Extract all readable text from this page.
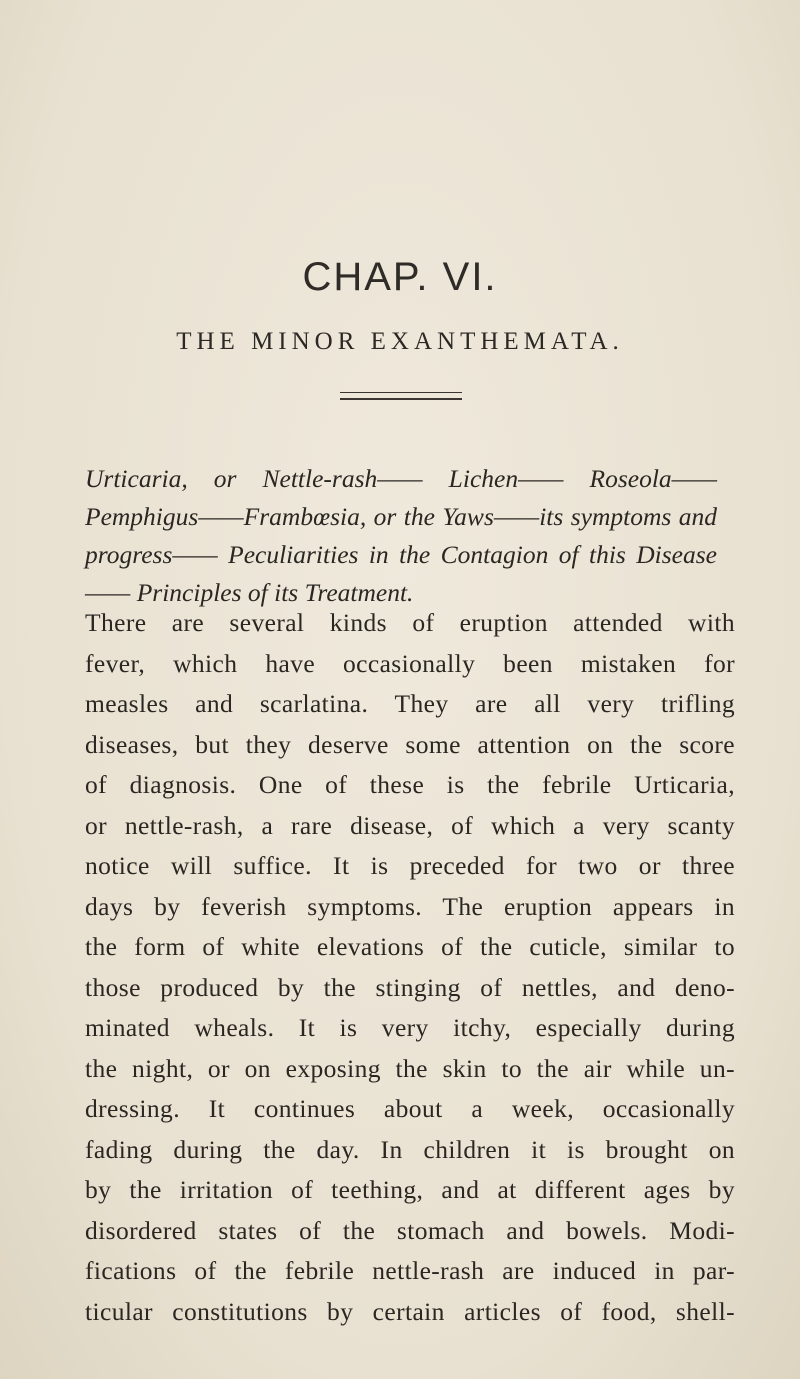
CHAP. VI.
THE MINOR EXANTHEMATA.
Urticaria, or Nettle-rash—— Lichen—— Roseola—— Pemphigus——Frambœsia, or the Yaws——its symptoms and progress—— Peculiarities in the Contagion of this Disease—— Principles of its Treatment.
There are several kinds of eruption attended with
fever, which have occasionally been mistaken for
measles and scarlatina. They are all very trifling
diseases, but they deserve some attention on the score
of diagnosis. One of these is the febrile Urticaria,
or nettle-rash, a rare disease, of which a very scanty
notice will suffice. It is preceded for two or three
days by feverish symptoms. The eruption appears in
the form of white elevations of the cuticle, similar to
those produced by the stinging of nettles, and deno-
minated wheals. It is very itchy, especially during
the night, or on exposing the skin to the air while un-
dressing. It continues about a week, occasionally
fading during the day. In children it is brought on
by the irritation of teething, and at different ages by
disordered states of the stomach and bowels. Modi-
fications of the febrile nettle-rash are induced in par-
ticular constitutions by certain articles of food, shell-
